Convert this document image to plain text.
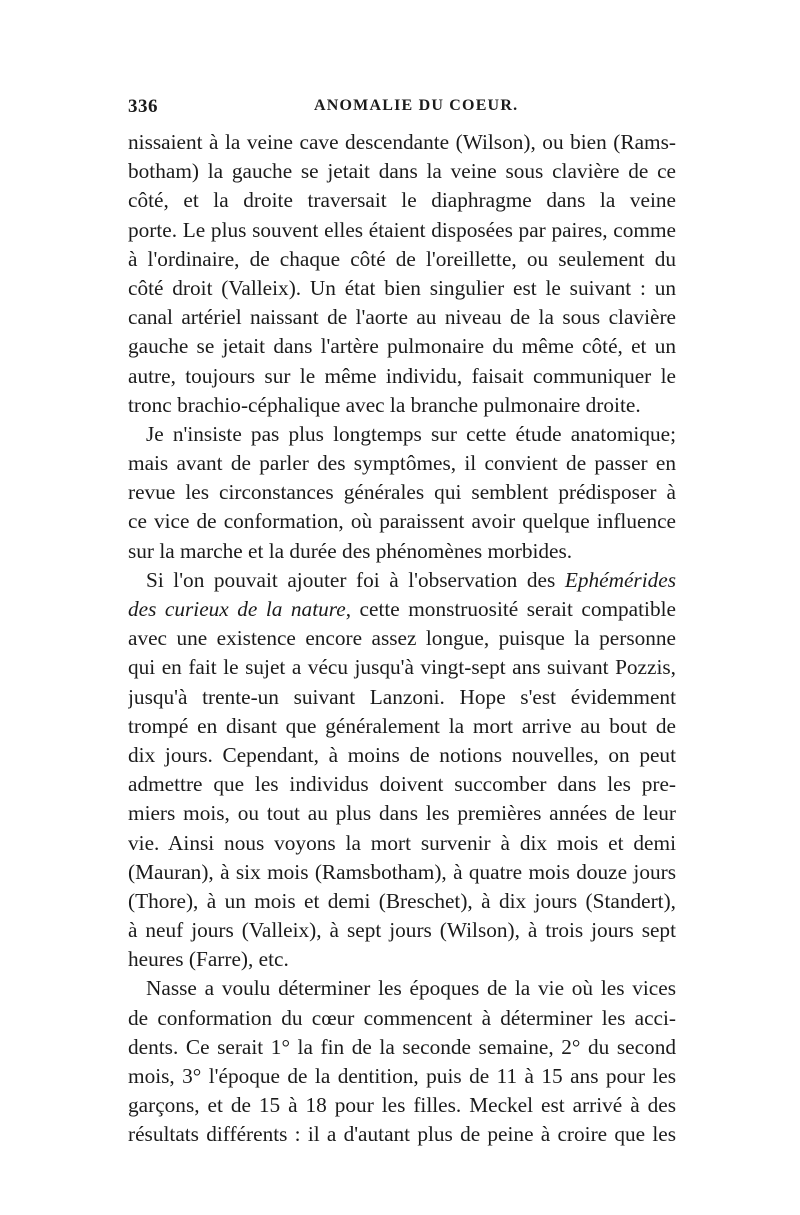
336	ANOMALIE DU COEUR.
nissaient à la veine cave descendante (Wilson), ou bien (Rams-
botham) la gauche se jetait dans la veine sous clavière de ce
côté, et la droite traversait le diaphragme dans la veine
porte. Le plus souvent elles étaient disposées par paires, comme
à l'ordinaire, de chaque côté de l'oreillette, ou seulement du
côté droit (Valleix). Un état bien singulier est le suivant : un
canal artériel naissant de l'aorte au niveau de la sous clavière
gauche se jetait dans l'artère pulmonaire du même côté, et un
autre, toujours sur le même individu, faisait communiquer le
tronc brachio-céphalique avec la branche pulmonaire droite.
Je n'insiste pas plus longtemps sur cette étude anatomique;
mais avant de parler des symptômes, il convient de passer en
revue les circonstances générales qui semblent prédisposer à
ce vice de conformation, où paraissent avoir quelque influence
sur la marche et la durée des phénomènes morbides.
Si l'on pouvait ajouter foi à l'observation des Ephémérides
des curieux de la nature, cette monstruosité serait compatible
avec une existence encore assez longue, puisque la personne
qui en fait le sujet a vécu jusqu'à vingt-sept ans suivant Pozzis,
jusqu'à trente-un suivant Lanzoni. Hope s'est évidemment
trompé en disant que généralement la mort arrive au bout de
dix jours. Cependant, à moins de notions nouvelles, on peut
admettre que les individus doivent succomber dans les pre-
miers mois, ou tout au plus dans les premières années de leur
vie. Ainsi nous voyons la mort survenir à dix mois et demi
(Mauran), à six mois (Ramsbotham), à quatre mois douze jours
(Thore), à un mois et demi (Breschet), à dix jours (Standert),
à neuf jours (Valleix), à sept jours (Wilson), à trois jours sept
heures (Farre), etc.
Nasse a voulu déterminer les époques de la vie où les vices
de conformation du cœur commencent à déterminer les acci-
dents. Ce serait 1° la fin de la seconde semaine, 2° du second
mois, 3° l'époque de la dentition, puis de 11 à 15 ans pour les
garçons, et de 15 à 18 pour les filles. Meckel est arrivé à des
résultats différents : il a d'autant plus de peine à croire que les
